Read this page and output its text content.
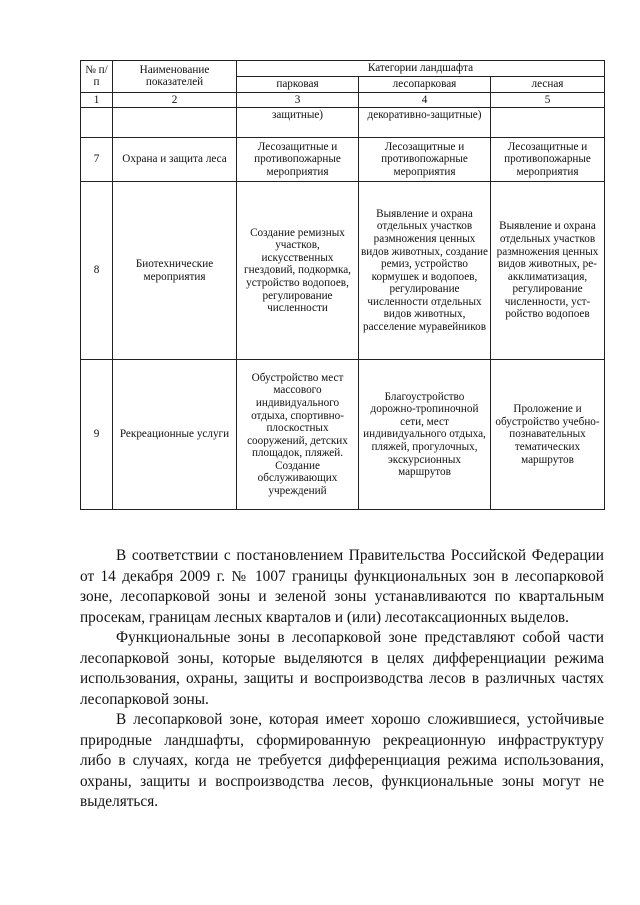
№ п/п	Наименование показателей	Категории ландшафта		
		парковая	лесопарковая	лесная
1	2	3	4	5
		защитные)	декоративно-защитные)	
7	Охрана и защита леса	Лесозащитные и противопожарные мероприятия	Лесозащитные и противопожарные мероприятия	Лесозащитные и противопожарные мероприятия
8	Биотехнические мероприятия	Создание ремизных участков, искусственных гнездовий, подкормка, устройство водопоев, регулирование численности	Выявление и охрана отдельных участков размножения ценных видов животных, создание ремиз, устройство кормушек и водопоев, регулирование численности отдельных видов животных, расселение муравейников	Выявление и охрана отдельных участков размножения ценных видов животных, ре-акклиматизация, регулирование численности, уст-ройство водопоев
9	Рекреационные услуги	Обустройство мест массового индивидуального отдыха, спортивно-плоскостных сооружений, детских площадок, пляжей. Создание обслуживающих учреждений	Благоустройство дорожно-тропиночной сети, мест индивидуального отдыха, пляжей, прогулочных, экскурсионных маршрутов	Проложение и обустройство учебно-познавательных тематических маршрутов

В соответствии с постановлением Правительства Российской Федерации от 14 декабря 2009 г. № 1007 границы функциональных зон в лесопарковой зоне, лесопарковой зоны и зеленой зоны устанавливаются по квартальным просекам, границам лесных кварталов и (или) лесотаксационных выделов.

Функциональные зоны в лесопарковой зоне представляют собой части лесопарковой зоны, которые выделяются в целях дифференциации режима использования, охраны, защиты и воспроизводства лесов в различных частях лесопарковой зоны.

В лесопарковой зоне, которая имеет хорошо сложившиеся, устойчивые природные ландшафты, сформированную рекреационную инфраструктуру либо в случаях, когда не требуется дифференциация режима использования, охраны, защиты и воспроизводства лесов, функциональные зоны могут не выделяться.
